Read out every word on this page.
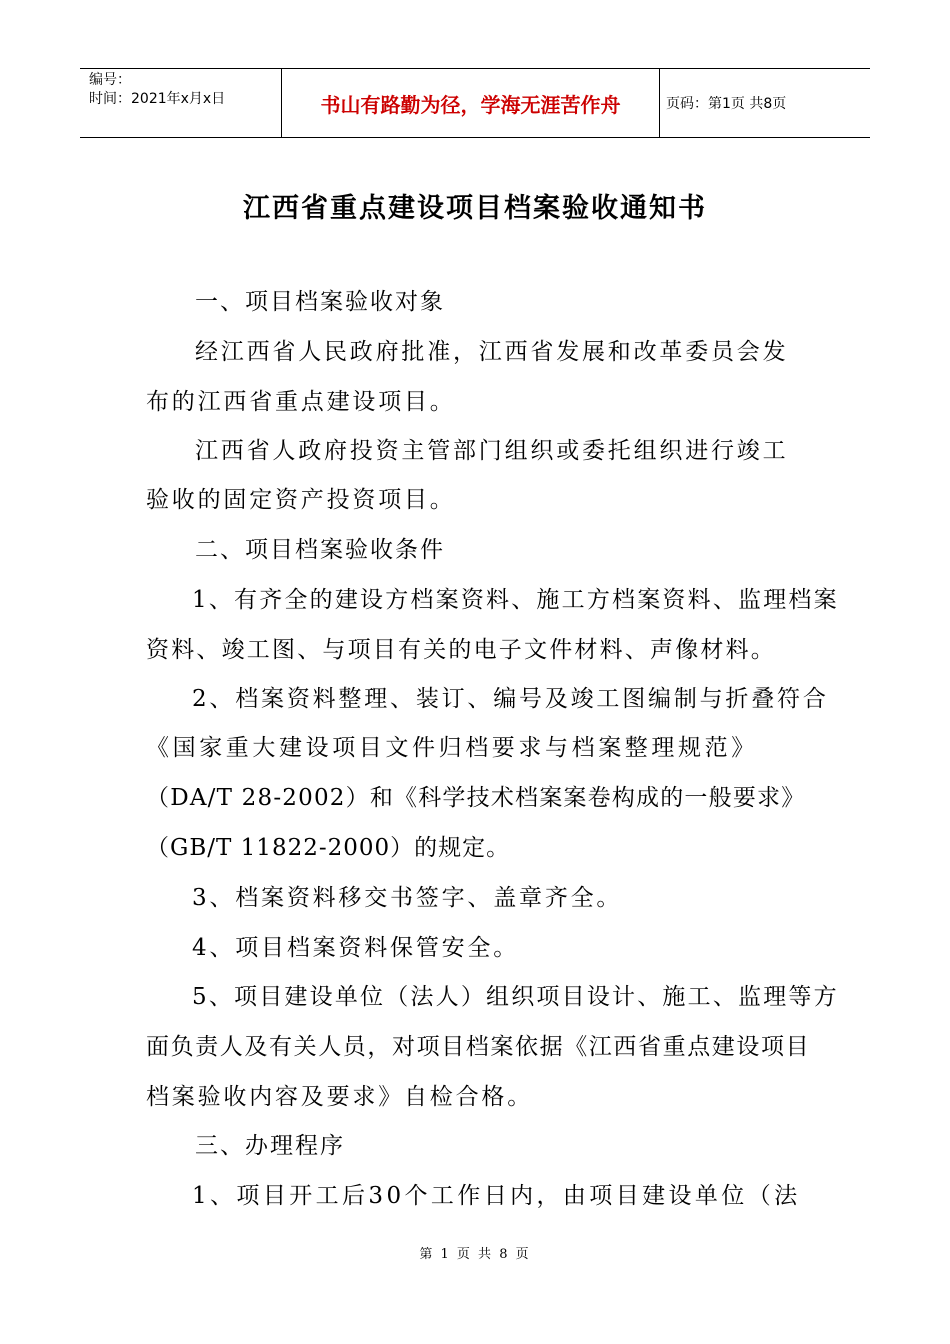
编号：
时间：2021年x月x日	书山有路勤为径，学海无涯苦作舟	页码：第1页 共8页
江西省重点建设项目档案验收通知书
一、项目档案验收对象
经江西省人民政府批准，江西省发展和改革委员会发
布的江西省重点建设项目。
江西省人政府投资主管部门组织或委托组织进行竣工
验收的固定资产投资项目。
二、项目档案验收条件
1、有齐全的建设方档案资料、施工方档案资料、监理档案
资料、竣工图、与项目有关的电子文件材料、声像材料。
2、档案资料整理、装订、编号及竣工图编制与折叠符合
《国家重大建设项目文件归档要求与档案整理规范》
（DA/T 28-2002）和《科学技术档案案卷构成的一般要求》
（GB/T 11822-2000）的规定。
3、档案资料移交书签字、盖章齐全。
4、项目档案资料保管安全。
5、项目建设单位（法人）组织项目设计、施工、监理等方
面负责人及有关人员，对项目档案依据《江西省重点建设项目
档案验收内容及要求》自检合格。
三、办理程序
1、项目开工后30个工作日内，由项目建设单位（法
第 1 页 共 8 页
